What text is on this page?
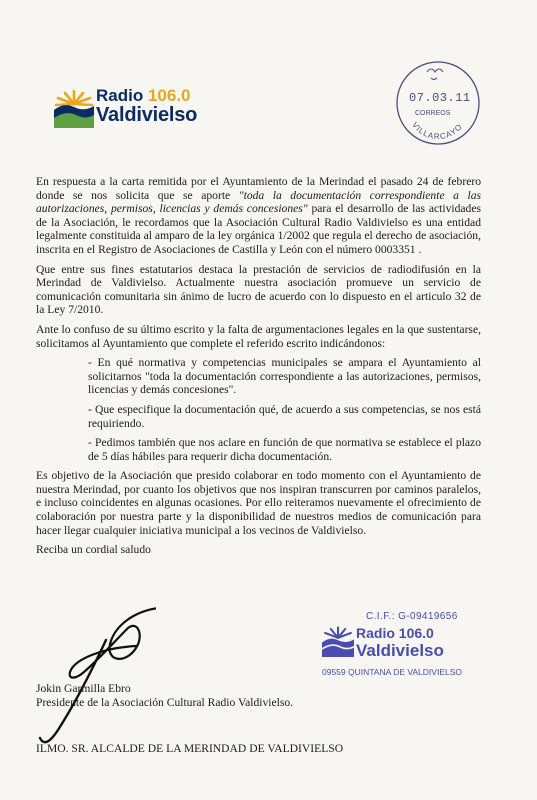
Radio 106.0
Valdivielso	VILLARCAYO
07.03.11
CORREOS

En respuesta a la carta remitida por el Ayuntamiento de la Merindad el pasado 24 de febrero donde se nos solicita que se aporte "toda la documentación correspondiente a las autorizaciones, permisos, licencias y demás concesiones" para el desarrollo de las actividades de la Asociación, le recordamos que la Asociación Cultural Radio Valdivielso es una entidad legalmente constituida al amparo de la ley orgánica 1/2002 que regula el derecho de asociación, inscrita en el Registro de Asociaciones de Castilla y León con el número 0003351 .

Que entre sus fines estatutarios destaca la prestación de servicios de radiodifusión en la Merindad de Valdivielso. Actualmente nuestra asociación promueve un servicio de comunicación comunitaria sin ánimo de lucro de acuerdo con lo dispuesto en el articulo 32 de la Ley 7/2010.

Ante lo confuso de su último escrito y la falta de argumentaciones legales en la que sustentarse, solicitamos al Ayuntamiento que complete el referido escrito indicándonos:

- En qué normativa y competencias municipales se ampara el Ayuntamiento al solicitarnos "toda la documentación correspondiente a las autorizaciones, permisos, licencias y demás concesiones".

- Que especifique la documentación qué, de acuerdo a sus competencias, se nos está requiriendo.

- Pedimos también que nos aclare en función de que normativa se establece el plazo de 5 días hábiles para requerir dicha documentación.

Es objetivo de la Asociación que presido colaborar en todo momento con el Ayuntamiento de nuestra Merindad, por cuanto los objetivos que nos inspiran transcurren por caminos paralelos, e incluso coincidentes en algunas ocasiones. Por ello reiteramos nuevamente el ofrecimiento de colaboración por nuestra parte y la disponibilidad de nuestros medios de comunicación para hacer llegar cualquier iniciativa municipal a los vecinos de Valdivielso.

Reciba un cordial saludo

Jokin Garmilla Ebro
Presidente de la Asociación Cultural Radio Valdivielso.
C.I.F.: G-09419656
Radio 106.0
Valdivielso
09559 QUINTANA DE VALDIVIELSO
ILMO. SR. ALCALDE DE LA MERINDAD DE VALDIVIELSO
